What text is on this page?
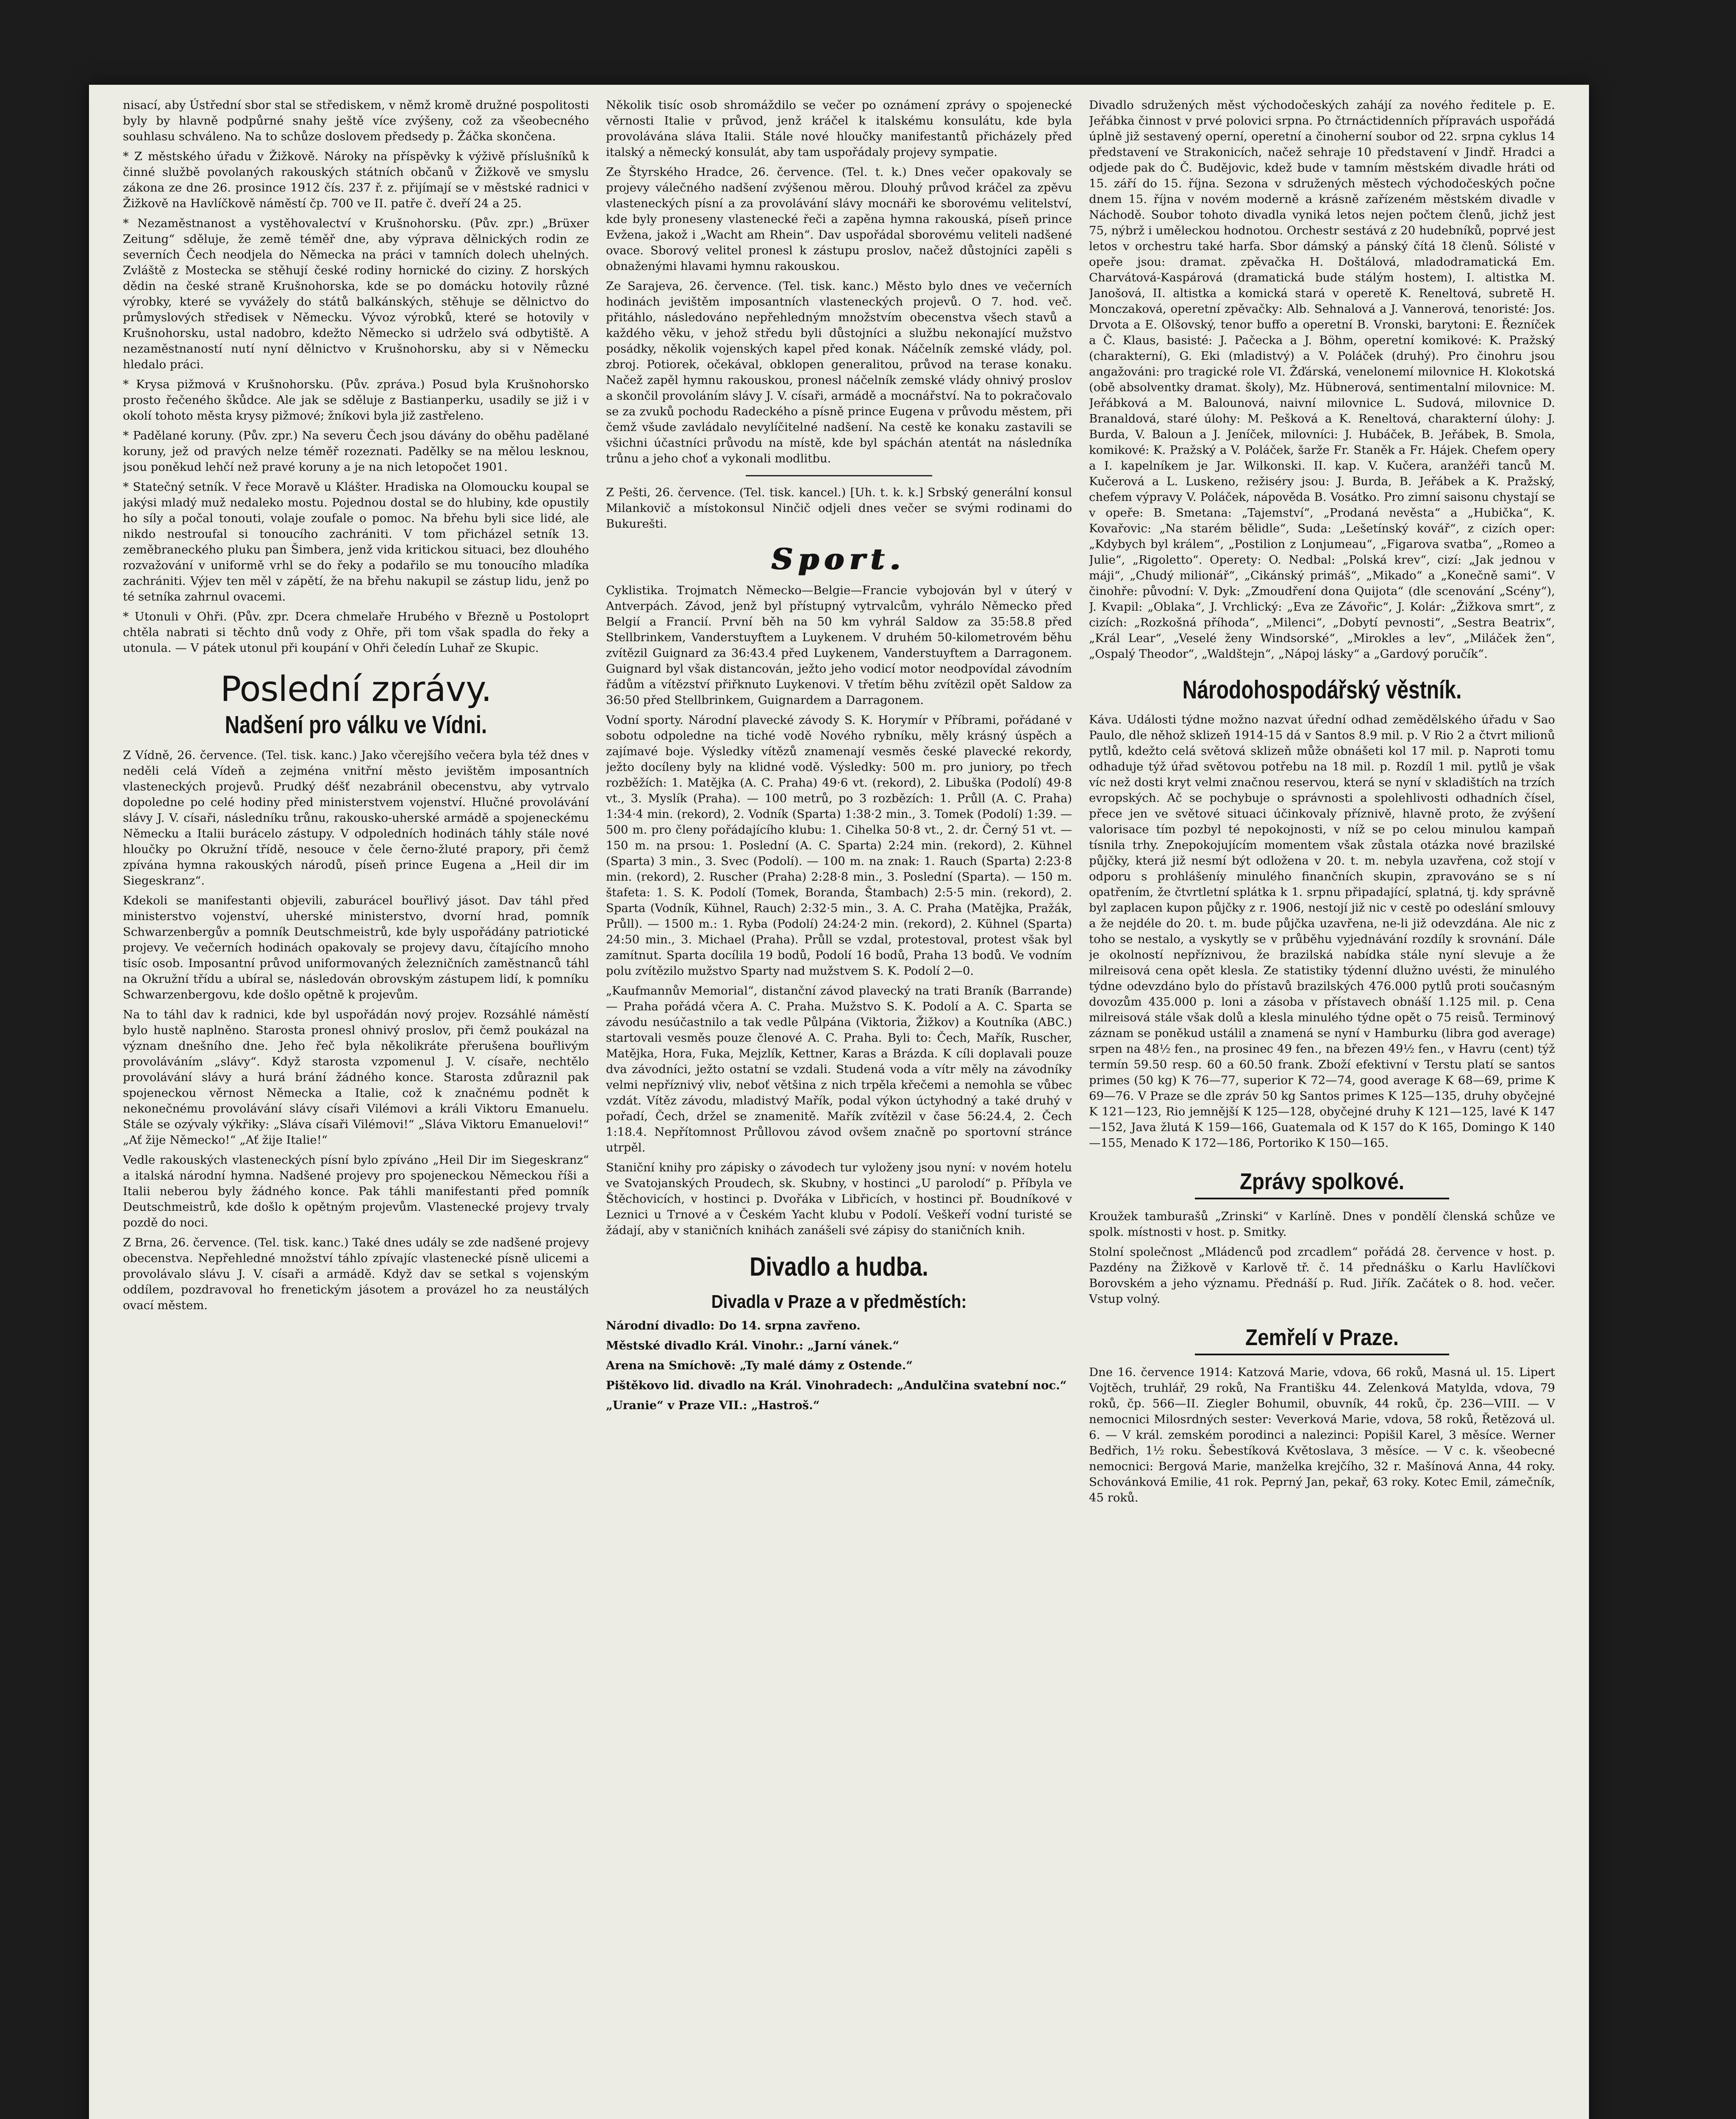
nisací, aby Ústřední sbor stal se střediskem, v němž kromě družné pospolitosti byly by hlavně podpůrné snahy ještě více zvýšeny, což za všeobecného souhlasu schváleno. Na to schůze doslovem předsedy p. Žáčka skončena.

* Z městského úřadu v Žižkově. Nároky na příspěvky k výživě příslušníků k činné službě povolaných rakouských státních občanů v Žižkově ve smyslu zákona ze dne 26. prosince 1912 čís. 237 ř. z. přijímají se v městské radnici v Žižkově na Havlíčkově náměstí čp. 700 ve II. patře č. dveří 24 a 25.

* Nezaměstnanost a vystěhovalectví v Krušnohorsku. (Pův. zpr.) „Brüxer Zeitung“ sděluje, že země téměř dne, aby výprava dělnických rodin ze severních Čech neodjela do Německa na práci v tamních dolech uhelných. Zvláště z Mostecka se stěhují české rodiny hornické do ciziny. Z horských dědin na české straně Krušnohorska, kde se po domácku hotovily různé výrobky, které se vyvážely do států balkánských, stěhuje se dělnictvo do průmyslových středisek v Německu. Vývoz výrobků, které se hotovily v Krušnohorsku, ustal nadobro, kdežto Německo si udrželo svá odbytiště. A nezaměstnaností nutí nyní dělnictvo v Krušnohorsku, aby si v Německu hledalo práci.

* Krysa pižmová v Krušnohorsku. (Pův. zpráva.) Posud byla Krušnohorsko prosto řečeného škůdce. Ale jak se sděluje z Bastianperku, usadily se již i v okolí tohoto města krysy pižmové; žníkovi byla již zastřeleno.

* Padělané koruny. (Pův. zpr.) Na severu Čech jsou dávány do oběhu padělané koruny, jež od pravých nelze téměř rozeznati. Padělky se na mělou lesknou, jsou poněkud lehčí než pravé koruny a je na nich letopočet 1901.

* Statečný setník. V řece Moravě u Klášter. Hradiska na Olomoucku koupal se jakýsi mladý muž nedaleko mostu. Pojednou dostal se do hlubiny, kde opustily ho síly a počal tonouti, volaje zoufale o pomoc. Na břehu byli sice lidé, ale nikdo nestroufal si tonoucího zachrániti. V tom přicházel setník 13. zeměbraneckého pluku pan Šimbera, jenž vida kritickou situaci, bez dlouhého rozvažování v uniformě vrhl se do řeky a podařilo se mu tonoucího mladíka zachrániti. Výjev ten měl v zápětí, že na břehu nakupil se zástup lidu, jenž po té setníka zahrnul ovacemi.

* Utonuli v Ohři. (Pův. zpr. Dcera chmelaře Hrubého v Březně u Postoloprt chtěla nabrati si těchto dnů vody z Ohře, při tom však spadla do řeky a utonula. — V pátek utonul při koupání v Ohři čeledín Luhař ze Skupic.

Poslední zprávy.
Nadšení pro válku ve Vídni.

Z Vídně, 26. července. (Tel. tisk. kanc.) Jako včerejšího večera byla též dnes v neděli celá Vídeň a zejména vnitřní město jevištěm imposantních vlasteneckých projevů. Prudký déšť nezabránil obecenstvu, aby vytrvalo dopoledne po celé hodiny před ministerstvem vojenství. Hlučné provolávání slávy J. V. císaři, následníku trůnu, rakousko-uherské armádě a spojeneckému Německu a Italii burácelo zástupy. V odpoledních hodinách táhly stále nové hloučky po Okružní třídě, nesouce v čele černo-žluté prapory, při čemž zpívána hymna rakouských národů, píseň prince Eugena a „Heil dir im Siegeskranz“.

Kdekoli se manifestanti objevili, zaburácel bouřlivý jásot. Dav táhl před ministerstvo vojenství, uherské ministerstvo, dvorní hrad, pomník Schwarzenbergův a pomník Deutschmeistrů, kde byly uspořádány patriotické projevy. Ve večerních hodinách opakovaly se projevy davu, čítajícího mnoho tisíc osob. Imposantní průvod uniformovaných železničních zaměstnanců táhl na Okružní třídu a ubíral se, následován obrovským zástupem lidí, k pomníku Schwarzenbergovu, kde došlo opětně k projevům.

Na to táhl dav k radnici, kde byl uspořádán nový projev. Rozsáhlé náměstí bylo hustě naplněno. Starosta pronesl ohnivý proslov, při čemž poukázal na význam dnešního dne. Jeho řeč byla několikráte přerušena bouřlivým provoláváním „slávy“. Když starosta vzpomenul J. V. císaře, nechtělo provolávání slávy a hurá brání žádného konce. Starosta zdůraznil pak spojeneckou věrnost Německa a Italie, což k značnému podnět k nekonečnému provolávání slávy císaři Vilémovi a králi Viktoru Emanuelu. Stále se ozývaly výkřiky: „Sláva císaři Vilémovi!“ „Sláva Viktoru Emanuelovi!“ „Ať žije Německo!“ „Ať žije Italie!“

Vedle rakouských vlasteneckých písní bylo zpíváno „Heil Dir im Siegeskranz“ a italská národní hymna. Nadšené projevy pro spojeneckou Německou říši a Italii neberou byly žádného konce. Pak táhli manifestanti před pomník Deutschmeistrů, kde došlo k opětným projevům. Vlastenecké projevy trvaly pozdě do noci.

Z Brna, 26. července. (Tel. tisk. kanc.) Také dnes udály se zde nadšené projevy obecenstva. Nepřehledné množství táhlo zpívajíc vlastenecké písně ulicemi a provolávalo slávu J. V. císaři a armádě. Když dav se setkal s vojenským oddílem, pozdravoval ho frenetickým jásotem a provázel ho za neustálých ovací městem.

Několik tisíc osob shromáždilo se večer po oznámení zprávy o spojenecké věrnosti Italie v průvod, jenž kráčel k italskému konsulátu, kde byla provolávána sláva Italii. Stále nové hloučky manifestantů přicházely před italský a německý konsulát, aby tam uspořádaly projevy sympatie.

Ze Štyrského Hradce, 26. července. (Tel. t. k.) Dnes večer opakovaly se projevy válečného nadšení zvýšenou měrou. Dlouhý průvod kráčel za zpěvu vlasteneckých písní a za provolávání slávy mocnáři ke sborovému velitelství, kde byly proneseny vlastenecké řeči a zapěna hymna rakouská, píseň prince Evžena, jakož i „Wacht am Rhein“. Dav uspořádal sborovému veliteli nadšené ovace. Sborový velitel pronesl k zástupu proslov, načež důstojníci zapěli s obnaženými hlavami hymnu rakouskou.

Ze Sarajeva, 26. července. (Tel. tisk. kanc.) Město bylo dnes ve večerních hodinách jevištěm imposantních vlasteneckých projevů. O 7. hod. več. přitáhlo, následováno nepřehledným množstvím obecenstva všech stavů a každého věku, v jehož středu byli důstojníci a službu nekonající mužstvo posádky, několik vojenských kapel před konak. Náčelník zemské vlády, pol. zbroj. Potiorek, očekával, obklopen generalitou, průvod na terase konaku. Načež zapěl hymnu rakouskou, pronesl náčelník zemské vlády ohnivý proslov a skončil provoláním slávy J. V. císaři, armádě a mocnářství. Na to pokračovalo se za zvuků pochodu Radeckého a písně prince Eugena v průvodu městem, při čemž všude zavládalo nevylíčitelné nadšení. Na cestě ke konaku zastavili se všichni účastníci průvodu na místě, kde byl spáchán atentát na následníka trůnu a jeho choť a vykonali modlitbu.

Z Pešti, 26. července. (Tel. tisk. kancel.) [Uh. t. k. k.] Srbský generální konsul Milankovič a místokonsul Ninčič odjeli dnes večer se svými rodinami do Bukurešti.

Sport.

Cyklistika. Trojmatch Německo—Belgie—Francie vybojován byl v úterý v Antverpách. Závod, jenž byl přístupný vytrvalcům, vyhrálo Německo před Belgií a Francií. První běh na 50 km vyhrál Saldow za 35:58.8 před Stellbrinkem, Vanderstuyftem a Luykenem. V druhém 50-kilometrovém běhu zvítězil Guignard za 36:43.4 před Luykenem, Vanderstuyftem a Darragonem. Guignard byl však distancován, ježto jeho vodicí motor neodpovídal závodním řádům a vítězství přiřknuto Luykenovi. V třetím běhu zvítězil opět Saldow za 36:50 před Stellbrinkem, Guignardem a Darragonem.

Vodní sporty. Národní plavecké závody S. K. Horymír v Příbrami, pořádané v sobotu odpoledne na tiché vodě Nového rybníku, měly krásný úspěch a zajímavé boje. Výsledky vítězů znamenají vesměs české plavecké rekordy, ježto docíleny byly na klidné vodě. Výsledky: 500 m. pro juniory, po třech rozběžích: 1. Matějka (A. C. Praha) 49·6 vt. (rekord), 2. Libuška (Podolí) 49·8 vt., 3. Myslík (Praha). — 100 metrů, po 3 rozbězích: 1. Průll (A. C. Praha) 1:34·4 min. (rekord), 2. Vodník (Sparta) 1:38·2 min., 3. Tomek (Podolí) 1:39. — 500 m. pro členy pořádajícího klubu: 1. Cihelka 50·8 vt., 2. dr. Černý 51 vt. — 150 m. na prsou: 1. Poslední (A. C. Sparta) 2:24 min. (rekord), 2. Kühnel (Sparta) 3 min., 3. Svec (Podolí). — 100 m. na znak: 1. Rauch (Sparta) 2:23·8 min. (rekord), 2. Ruscher (Praha) 2:28·8 min., 3. Poslední (Sparta). — 150 m. štafeta: 1. S. K. Podolí (Tomek, Boranda, Štambach) 2:5·5 min. (rekord), 2. Sparta (Vodník, Kühnel, Rauch) 2:32·5 min., 3. A. C. Praha (Matějka, Pražák, Průll). — 1500 m.: 1. Ryba (Podolí) 24:24·2 min. (rekord), 2. Kühnel (Sparta) 24:50 min., 3. Michael (Praha). Průll se vzdal, protestoval, protest však byl zamítnut. Sparta docílila 19 bodů, Podolí 16 bodů, Praha 13 bodů. Ve vodním polu zvítězilo mužstvo Sparty nad mužstvem S. K. Podolí 2—0.

„Kaufmannův Memorial“, distanční závod plavecký na trati Braník (Barrande) — Praha pořádá včera A. C. Praha. Mužstvo S. K. Podolí a A. C. Sparta se závodu nesúčastnilo a tak vedle Půlpána (Viktoria, Žižkov) a Koutníka (ABC.) startovali vesměs pouze členové A. C. Praha. Byli to: Čech, Mařík, Ruscher, Matějka, Hora, Fuka, Mejzlík, Kettner, Karas a Brázda. K cíli doplavali pouze dva závodníci, ježto ostatní se vzdali. Studená voda a vítr měly na závodníky velmi nepříznivý vliv, neboť většina z nich trpěla křečemi a nemohla se vůbec vzdát. Vítěz závodu, mladistvý Mařík, podal výkon úctyhodný a také druhý v pořadí, Čech, držel se znamenitě. Mařík zvítězil v čase 56:24.4, 2. Čech 1:18.4. Nepřítomnost Průllovou závod ovšem značně po sportovní stránce utrpěl.

Staniční knihy pro zápisky o závodech tur vyloženy jsou nyní: v novém hotelu ve Svatojanských Proudech, sk. Skubny, v hostinci „U parolodí“ p. Příbyla ve Štěchovicích, v hostinci p. Dvořáka v Libřicích, v hostinci př. Boudníkové v Leznici u Trnové a v Českém Yacht klubu v Podolí. Veškeří vodní turisté se žádají, aby v staničních knihách zanášeli své zápisy do staničních knih.

Divadlo a hudba.
Divadla v Praze a v předměstích:

Národní divadlo: Do 14. srpna zavřeno.

Městské divadlo Král. Vinohr.: „Jarní vánek.“

Arena na Smíchově: „Ty malé dámy z Ostende.“

Pištěkovo lid. divadlo na Král. Vinohradech: „Andulčina svatební noc.“

„Uranie“ v Praze VII.: „Hastroš.“

Divadlo sdružených měst východočeských zahájí za nového ředitele p. E. Jeřábka činnost v prvé polovici srpna. Po čtrnáctidenních přípravách uspořádá úplně již sestavený operní, operetní a činoherní soubor od 22. srpna cyklus 14 představení ve Strakonicích, načež sehraje 10 představení v Jindř. Hradci a odjede pak do Č. Budějovic, kdež bude v tamním městském divadle hráti od 15. září do 15. října. Sezona v sdružených městech východočeských počne dnem 15. října v novém moderně a krásně zařízeném městském divadle v Náchodě. Soubor tohoto divadla vyniká letos nejen počtem členů, jichž jest 75, nýbrž i uměleckou hodnotou. Orchestr sestává z 20 hudebníků, poprvé jest letos v orchestru také harfa. Sbor dámský a pánský čítá 18 členů. Sólisté v opeře jsou: dramat. zpěvačka H. Doštálová, mladodramatická Em. Charvátová-Kaspárová (dramatická bude stálým hostem), I. altistka M. Janošová, II. altistka a komická stará v operetě K. Reneltová, subretě H. Monczaková, operetní zpěvačky: Alb. Sehnalová a J. Vannerová, tenoristé: Jos. Drvota a E. Olšovský, tenor buffo a operetní B. Vronski, barytoni: E. Řezníček a Č. Klaus, basisté: J. Pačecka a J. Böhm, operetní komikové: K. Pražský (charakterní), G. Eki (mladistvý) a V. Poláček (druhý). Pro činohru jsou angažováni: pro tragické role VI. Žďárská, venelonemí milovnice H. Klokotská (obě absolventky dramat. školy), Mz. Hübnerová, sentimentalní milovnice: M. Jeřábková a M. Balounová, naivní milovnice L. Sudová, milovnice D. Branaldová, staré úlohy: M. Pešková a K. Reneltová, charakterní úlohy: J. Burda, V. Baloun a J. Jeníček, milovníci: J. Hubáček, B. Jeřábek, B. Smola, komikové: K. Pražský a V. Poláček, šarže Fr. Staněk a Fr. Hájek. Chefem opery a I. kapelníkem je Jar. Wilkonski. II. kap. V. Kučera, aranžéři tanců M. Kučerová a L. Luskeno, režiséry jsou: J. Burda, B. Jeřábek a K. Pražský, chefem výpravy V. Poláček, nápověda B. Vosátko. Pro zimní saisonu chystají se v opeře: B. Smetana: „Tajemství“, „Prodaná nevěsta“ a „Hubička“, K. Kovařovic: „Na starém bělidle“, Suda: „Lešetínský kovář“, z cizích oper: „Kdybych byl králem“, „Postilion z Lonjumeau“, „Figarova svatba“, „Romeo a Julie“, „Rigoletto“. Operety: O. Nedbal: „Polská krev“, cizí: „Jak jednou v máji“, „Chudý milionář“, „Cikánský primáš“, „Mikado“ a „Konečně sami“. V činohře: původní: V. Dyk: „Zmoudření dona Quijota“ (dle scenování „Scény“), J. Kvapil: „Oblaka“, J. Vrchlický: „Eva ze Závořic“, J. Kolár: „Žižkova smrt“, z cizích: „Rozkošná příhoda“, „Milenci“, „Dobytí pevnosti“, „Sestra Beatrix“, „Král Lear“, „Veselé ženy Windsorské“, „Mirokles a lev“, „Miláček žen“, „Ospalý Theodor“, „Waldštejn“, „Nápoj lásky“ a „Gardový poručík“.

Národohospodářský věstník.

Káva. Události týdne možno nazvat úřední odhad zemědělského úřadu v Sao Paulo, dle něhož sklizeň 1914-15 dá v Santos 8.9 mil. p. V Rio 2 a čtvrt milionů pytlů, kdežto celá světová sklizeň může obnášeti kol 17 mil. p. Naproti tomu odhaduje týž úřad světovou potřebu na 18 mil. p. Rozdíl 1 mil. pytlů je však víc než dosti kryt velmi značnou reservou, která se nyní v skladištích na trzích evropských. Ač se pochybuje o správnosti a spolehlivosti odhadních čísel, přece jen ve světové situaci účinkovaly příznivě, hlavně proto, že zvýšení valorisace tím pozbyl té nepokojnosti, v níž se po celou minulou kampaň tísnila trhy. Znepokojujícím momentem však zůstala otázka nové brazilské půjčky, která již nesmí být odložena v 20. t. m. nebyla uzavřena, což stojí v odporu s prohlášeníy minulého finančních skupin, zpravováno se s ní opatřením, že čtvrtletní splátka k 1. srpnu připadající, splatná, tj. kdy správně byl zaplacen kupon půjčky z r. 1906, nestojí již nic v cestě po odeslání smlouvy a že nejdéle do 20. t. m. bude půjčka uzavřena, ne-li již odevzdána. Ale nic z toho se nestalo, a vyskytly se v průběhu vyjednávání rozdíly k srovnání. Dále je okolností nepříznivou, že brazilská nabídka stále nyní slevuje a že milreisová cena opět klesla. Ze statistiky týdenní dlužno uvésti, že minulého týdne odevzdáno bylo do přístavů brazilských 476.000 pytlů proti současným dovozům 435.000 p. loni a zásoba v přístavech obnáší 1.125 mil. p. Cena milreisová stále však dolů a klesla minulého týdne opět o 75 reisů. Terminový záznam se poněkud ustálil a znamená se nyní v Hamburku (libra god average) srpen na 48½ fen., na prosinec 49 fen., na březen 49½ fen., v Havru (cent) týž termín 59.50 resp. 60 a 60.50 frank. Zboží efektivní v Terstu platí se santos primes (50 kg) K 76—77, superior K 72—74, good average K 68—69, prime K 69—76. V Praze se dle zpráv 50 kg Santos primes K 125—135, druhy obyčejné K 121—123, Rio jemnější K 125—128, obyčejné druhy K 121—125, lavé K 147—152, Java žlutá K 159—166, Guatemala od K 157 do K 165, Domingo K 140—155, Menado K 172—186, Portoriko K 150—165.

Zprávy spolkové.

Kroužek tamburašů „Zrinski“ v Karlíně. Dnes v pondělí členská schůze ve spolk. místnosti v host. p. Smitky.

Stolní společnost „Mládenců pod zrcadlem“ pořádá 28. července v host. p. Pazdény na Žižkově v Karlově tř. č. 14 přednášku o Karlu Havlíčkovi Borovském a jeho významu. Přednáší p. Rud. Jiřík. Začátek o 8. hod. večer. Vstup volný.

Zemřelí v Praze.

Dne 16. července 1914: Katzová Marie, vdova, 66 roků, Masná ul. 15. Lipert Vojtěch, truhlář, 29 roků, Na Františku 44. Zelenková Matylda, vdova, 79 roků, čp. 566—II. Ziegler Bohumil, obuvník, 44 roků, čp. 236—VIII. — V nemocnici Milosrdných sester: Veverková Marie, vdova, 58 roků, Řetězová ul. 6. — V král. zemském porodinci a nalezinci: Popišil Karel, 3 měsíce. Werner Bedřich, 1½ roku. Šebestíková Květoslava, 3 měsíce. — V c. k. všeobecné nemocnici: Bergová Marie, manželka krejčího, 32 r. Mašínová Anna, 44 roky. Schovánková Emilie, 41 rok. Peprný Jan, pekař, 63 roky. Kotec Emil, zámečník, 45 roků.
